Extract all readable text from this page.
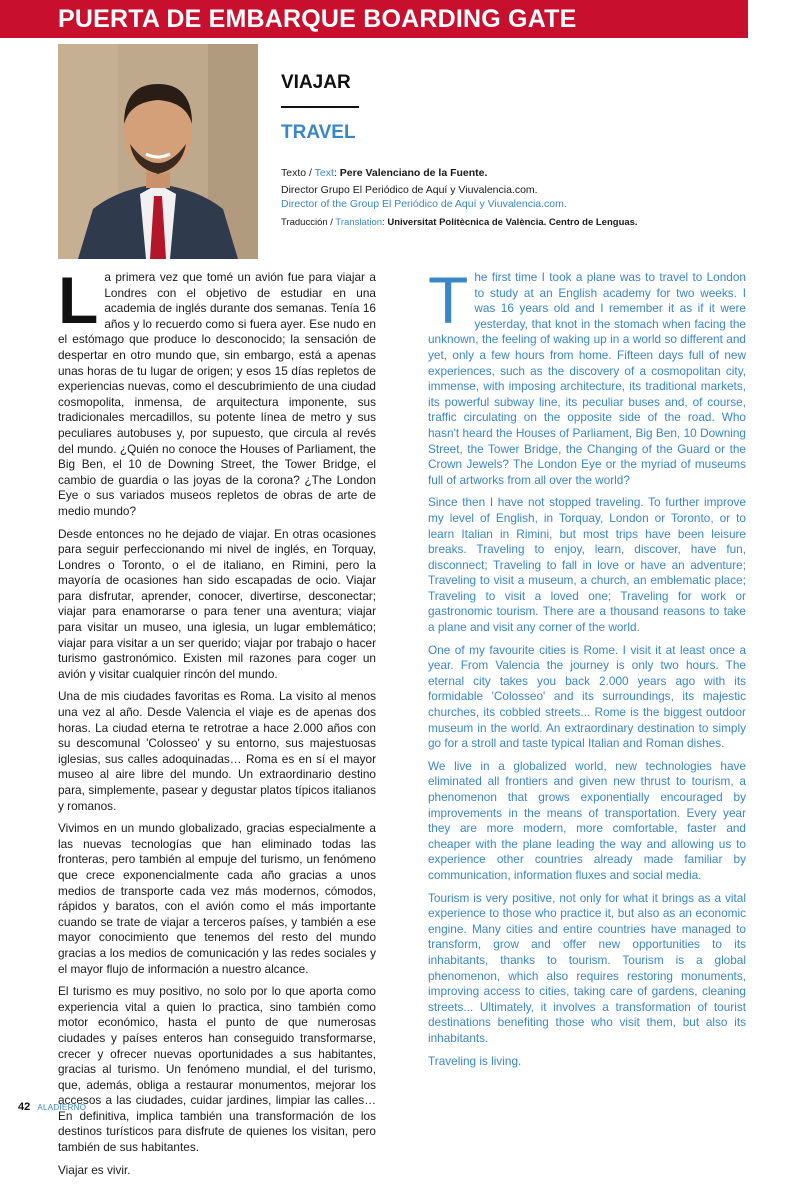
PUERTA DE EMBARQUE BOARDING GATE
VIAJAR
TRAVEL
Texto / Text: Pere Valenciano de la Fuente.
Director Grupo El Periódico de Aquí y Viuvalencia.com.
Director of the Group El Periódico de Aquí y Viuvalencia.com.
Traducción / Translation: Universitat Politècnica de València. Centro de Lenguas.

La primera vez que tomé un avión fue para viajar a Londres con el objetivo de estudiar en una academia de inglés durante dos semanas. Tenía 16 años y lo recuerdo como si fuera ayer. Ese nudo en el estómago que produce lo desconocido; la sensación de despertar en otro mundo que, sin embargo, está a apenas unas horas de tu lugar de origen; y esos 15 días repletos de experiencias nuevas, como el descubrimiento de una ciudad cosmopolita, inmensa, de arquitectura imponente, sus tradicionales mercadillos, su potente línea de metro y sus peculiares autobuses y, por supuesto, que circula al revés del mundo. ¿Quién no conoce the Houses of Parliament, the Big Ben, el 10 de Downing Street, the Tower Bridge, el cambio de guardia o las joyas de la corona? ¿The London Eye o sus variados museos repletos de obras de arte de medio mundo?

Desde entonces no he dejado de viajar. En otras ocasiones para seguir perfeccionando mi nivel de inglés, en Torquay, Londres o Toronto, o el de italiano, en Rimini, pero la mayoría de ocasiones han sido escapadas de ocio. Viajar para disfrutar, aprender, conocer, divertirse, desconectar; viajar para enamorarse o para tener una aventura; viajar para visitar un museo, una iglesia, un lugar emblemático; viajar para visitar a un ser querido; viajar por trabajo o hacer turismo gastronómico. Existen mil razones para coger un avión y visitar cualquier rincón del mundo.

Una de mis ciudades favoritas es Roma. La visito al menos una vez al año. Desde Valencia el viaje es de apenas dos horas. La ciudad eterna te retrotrae a hace 2.000 años con su descomunal 'Colosseo' y su entorno, sus majestuosas iglesias, sus calles adoquinadas… Roma es en sí el mayor museo al aire libre del mundo. Un extraordinario destino para, simplemente, pasear y degustar platos típicos italianos y romanos.

Vivimos en un mundo globalizado, gracias especialmente a las nuevas tecnologías que han eliminado todas las fronteras, pero también al empuje del turismo, un fenómeno que crece exponencialmente cada año gracias a unos medios de transporte cada vez más modernos, cómodos, rápidos y baratos, con el avión como el más importante cuando se trate de viajar a terceros países, y también a ese mayor conocimiento que tenemos del resto del mundo gracias a los medios de comunicación y las redes sociales y el mayor flujo de información a nuestro alcance.

El turismo es muy positivo, no solo por lo que aporta como experiencia vital a quien lo practica, sino también como motor económico, hasta el punto de que numerosas ciudades y países enteros han conseguido transformarse, crecer y ofrecer nuevas oportunidades a sus habitantes, gracias al turismo. Un fenómeno mundial, el del turismo, que, además, obliga a restaurar monumentos, mejorar los accesos a las ciudades, cuidar jardines, limpiar las calles… En definitiva, implica también una transformación de los destinos turísticos para disfrute de quienes los visitan, pero también de sus habitantes.

Viajar es vivir.

The first time I took a plane was to travel to London to study at an English academy for two weeks. I was 16 years old and I remember it as if it were yesterday, that knot in the stomach when facing the unknown, the feeling of waking up in a world so different and yet, only a few hours from home. Fifteen days full of new experiences, such as the discovery of a cosmopolitan city, immense, with imposing architecture, its traditional markets, its powerful subway line, its peculiar buses and, of course, traffic circulating on the opposite side of the road. Who hasn't heard the Houses of Parliament, Big Ben, 10 Downing Street, the Tower Bridge, the Changing of the Guard or the Crown Jewels? The London Eye or the myriad of museums full of artworks from all over the world?

Since then I have not stopped traveling. To further improve my level of English, in Torquay, London or Toronto, or to learn Italian in Rimini, but most trips have been leisure breaks. Traveling to enjoy, learn, discover, have fun, disconnect; Traveling to fall in love or have an adventure; Traveling to visit a museum, a church, an emblematic place; Traveling to visit a loved one; Traveling for work or gastronomic tourism. There are a thousand reasons to take a plane and visit any corner of the world.

One of my favourite cities is Rome. I visit it at least once a year. From Valencia the journey is only two hours. The eternal city takes you back 2.000 years ago with its formidable 'Colosseo' and its surroundings, its majestic churches, its cobbled streets... Rome is the biggest outdoor museum in the world. An extraordinary destination to simply go for a stroll and taste typical Italian and Roman dishes.

We live in a globalized world, new technologies have eliminated all frontiers and given new thrust to tourism, a phenomenon that grows exponentially encouraged by improvements in the means of transportation. Every year they are more modern, more comfortable, faster and cheaper with the plane leading the way and allowing us to experience other countries already made familiar by communication, information fluxes and social media.

Tourism is very positive, not only for what it brings as a vital experience to those who practice it, but also as an economic engine. Many cities and entire countries have managed to transform, grow and offer new opportunities to its inhabitants, thanks to tourism. Tourism is a global phenomenon, which also requires restoring monuments, improving access to cities, taking care of gardens, cleaning streets... Ultimately, it involves a transformation of tourist destinations benefiting those who visit them, but also its inhabitants.

Traveling is living.

42 ALADIERNO
